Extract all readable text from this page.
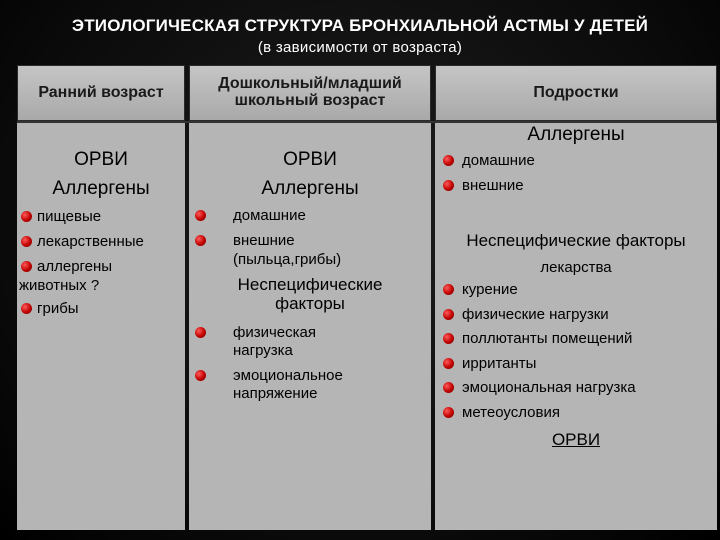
ЭТИОЛОГИЧЕСКАЯ СТРУКТУРА БРОНХИАЛЬНОЙ АСТМЫ У ДЕТЕЙ
(в зависимости от возраста)
Ранний возраст	Дошкольный/младший
школьный возраст	Подростки
ОРВИ
Аллергены
пищевые
лекарственные
аллергены
животных ?
грибы
ОРВИ
Аллергены
домашние
внешние
(пыльца,грибы)
Неспецифические
факторы
физическая
нагрузка
эмоциональное
напряжение
Аллергены
домашние
внешние
Неспецифические факторы
лекарства
курение
физические нагрузки
поллютанты помещений
ирританты
эмоциональная нагрузка
метеоусловия
ОРВИ
